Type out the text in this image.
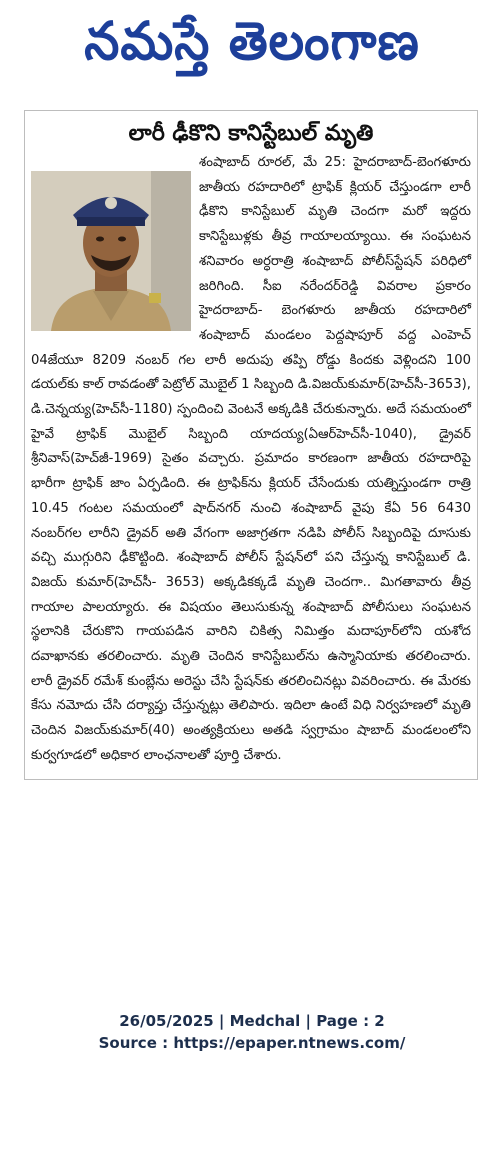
నమస్తే తెలంగాణ
లారీ ఢీకొని కానిస్టేబుల్ మృతి
శంషాబాద్ రూరల్, మే 25: హైదరాబాద్-బెంగళూరు జాతీయ రహదారిలో ట్రాఫిక్ క్లియర్ చేస్తుండగా లారీ ఢీకొని కానిస్టేబుల్ మృతి చెందగా మరో ఇద్దరు కానిస్టేబుళ్లకు తీవ్ర గాయాలయ్యాయి. ఈ సంఘటన శనివారం అర్ధరాత్రి శంషాబాద్ పోలీస్‌స్టేషన్ పరిధిలో జరిగింది. సీఐ నరేందర్‌రెడ్డి వివరాల ప్రకారం హైదరాబాద్- బెంగళూరు జాతీయ రహదారిలో శంషాబాద్ మండలం పెద్దషాపూర్ వద్ద ఎంహెచ్ 04జేయూ 8209 నంబర్ గల లారీ అదుపు తప్పి రోడ్డు కిందకు వెళ్లిందని 100 డయల్‌కు కాల్ రావడంతో పెట్రోల్ మొబైల్ 1 సిబ్బంది డి.విజయ్‌కుమార్(హెచ్‌సీ-3653), డి.చెన్నయ్య(హెచ్‌సీ-1180) స్పందించి వెంటనే అక్కడికి చేరుకున్నారు. అదే సమయంలో హైవే ట్రాఫిక్ మొబైల్ సిబ్బంది యాదయ్య(ఏఆర్‌హెచ్‌సీ-1040), డ్రైవర్ శ్రీనివాస్(హెచ్‌జీ-1969) సైతం వచ్చారు. ప్రమాదం కారణంగా జాతీయ రహదారిపై భారీగా ట్రాఫిక్ జాం ఏర్పడింది. ఈ ట్రాఫిక్‌ను క్లియర్ చేసేందుకు యత్నిస్తుండగా రాత్రి 10.45 గంటల సమయంలో షాద్‌నగర్ నుంచి శంషాబాద్ వైపు కేఏ 56 6430 నంబర్‌గల లారీని డ్రైవర్ అతి వేగంగా అజాగ్రతగా నడిపి పోలీస్ సిబ్బందిపై దూసుకు వచ్చి ముగ్గురిని ఢీకొట్టింది. శంషాబాద్ పోలీస్ స్టేషన్‌లో పని చేస్తున్న కానిస్టేబుల్ డి. విజయ్ కుమార్(హెచ్‌సీ- 3653) అక్కడికక్కడే మృతి చెందగా.. మిగతావారు తీవ్ర గాయాల పాలయ్యారు. ఈ విషయం తెలుసుకున్న శంషాబాద్ పోలీసులు సంఘటన స్థలానికి చేరుకొని గాయపడిన వారిని చికిత్స నిమిత్తం మదాపూర్‌లోని యశోద దవాఖానకు తరలించారు. మృతి చెందిన కానిస్టేబుల్‌ను ఉస్మానియాకు తరలించారు. లారీ డ్రైవర్ రమేశ్ కుంబ్లేను అరెస్టు చేసి స్టేషన్‌కు తరలించినట్లు వివరించారు. ఈ మేరకు కేసు నమోదు చేసి దర్యాప్తు చేస్తున్నట్లు తెలిపారు. ఇదిలా ఉంటే విధి నిర్వహణలో మృతి చెందిన విజయ్‌కుమార్(40) అంత్యక్రియలు అతడి స్వగ్రామం షాబాద్ మండలంలోని కుర్వగూడలో అధికార లాంఛనాలతో పూర్తి చేశారు.
26/05/2025 | Medchal | Page : 2
Source : https://epaper.ntnews.com/
